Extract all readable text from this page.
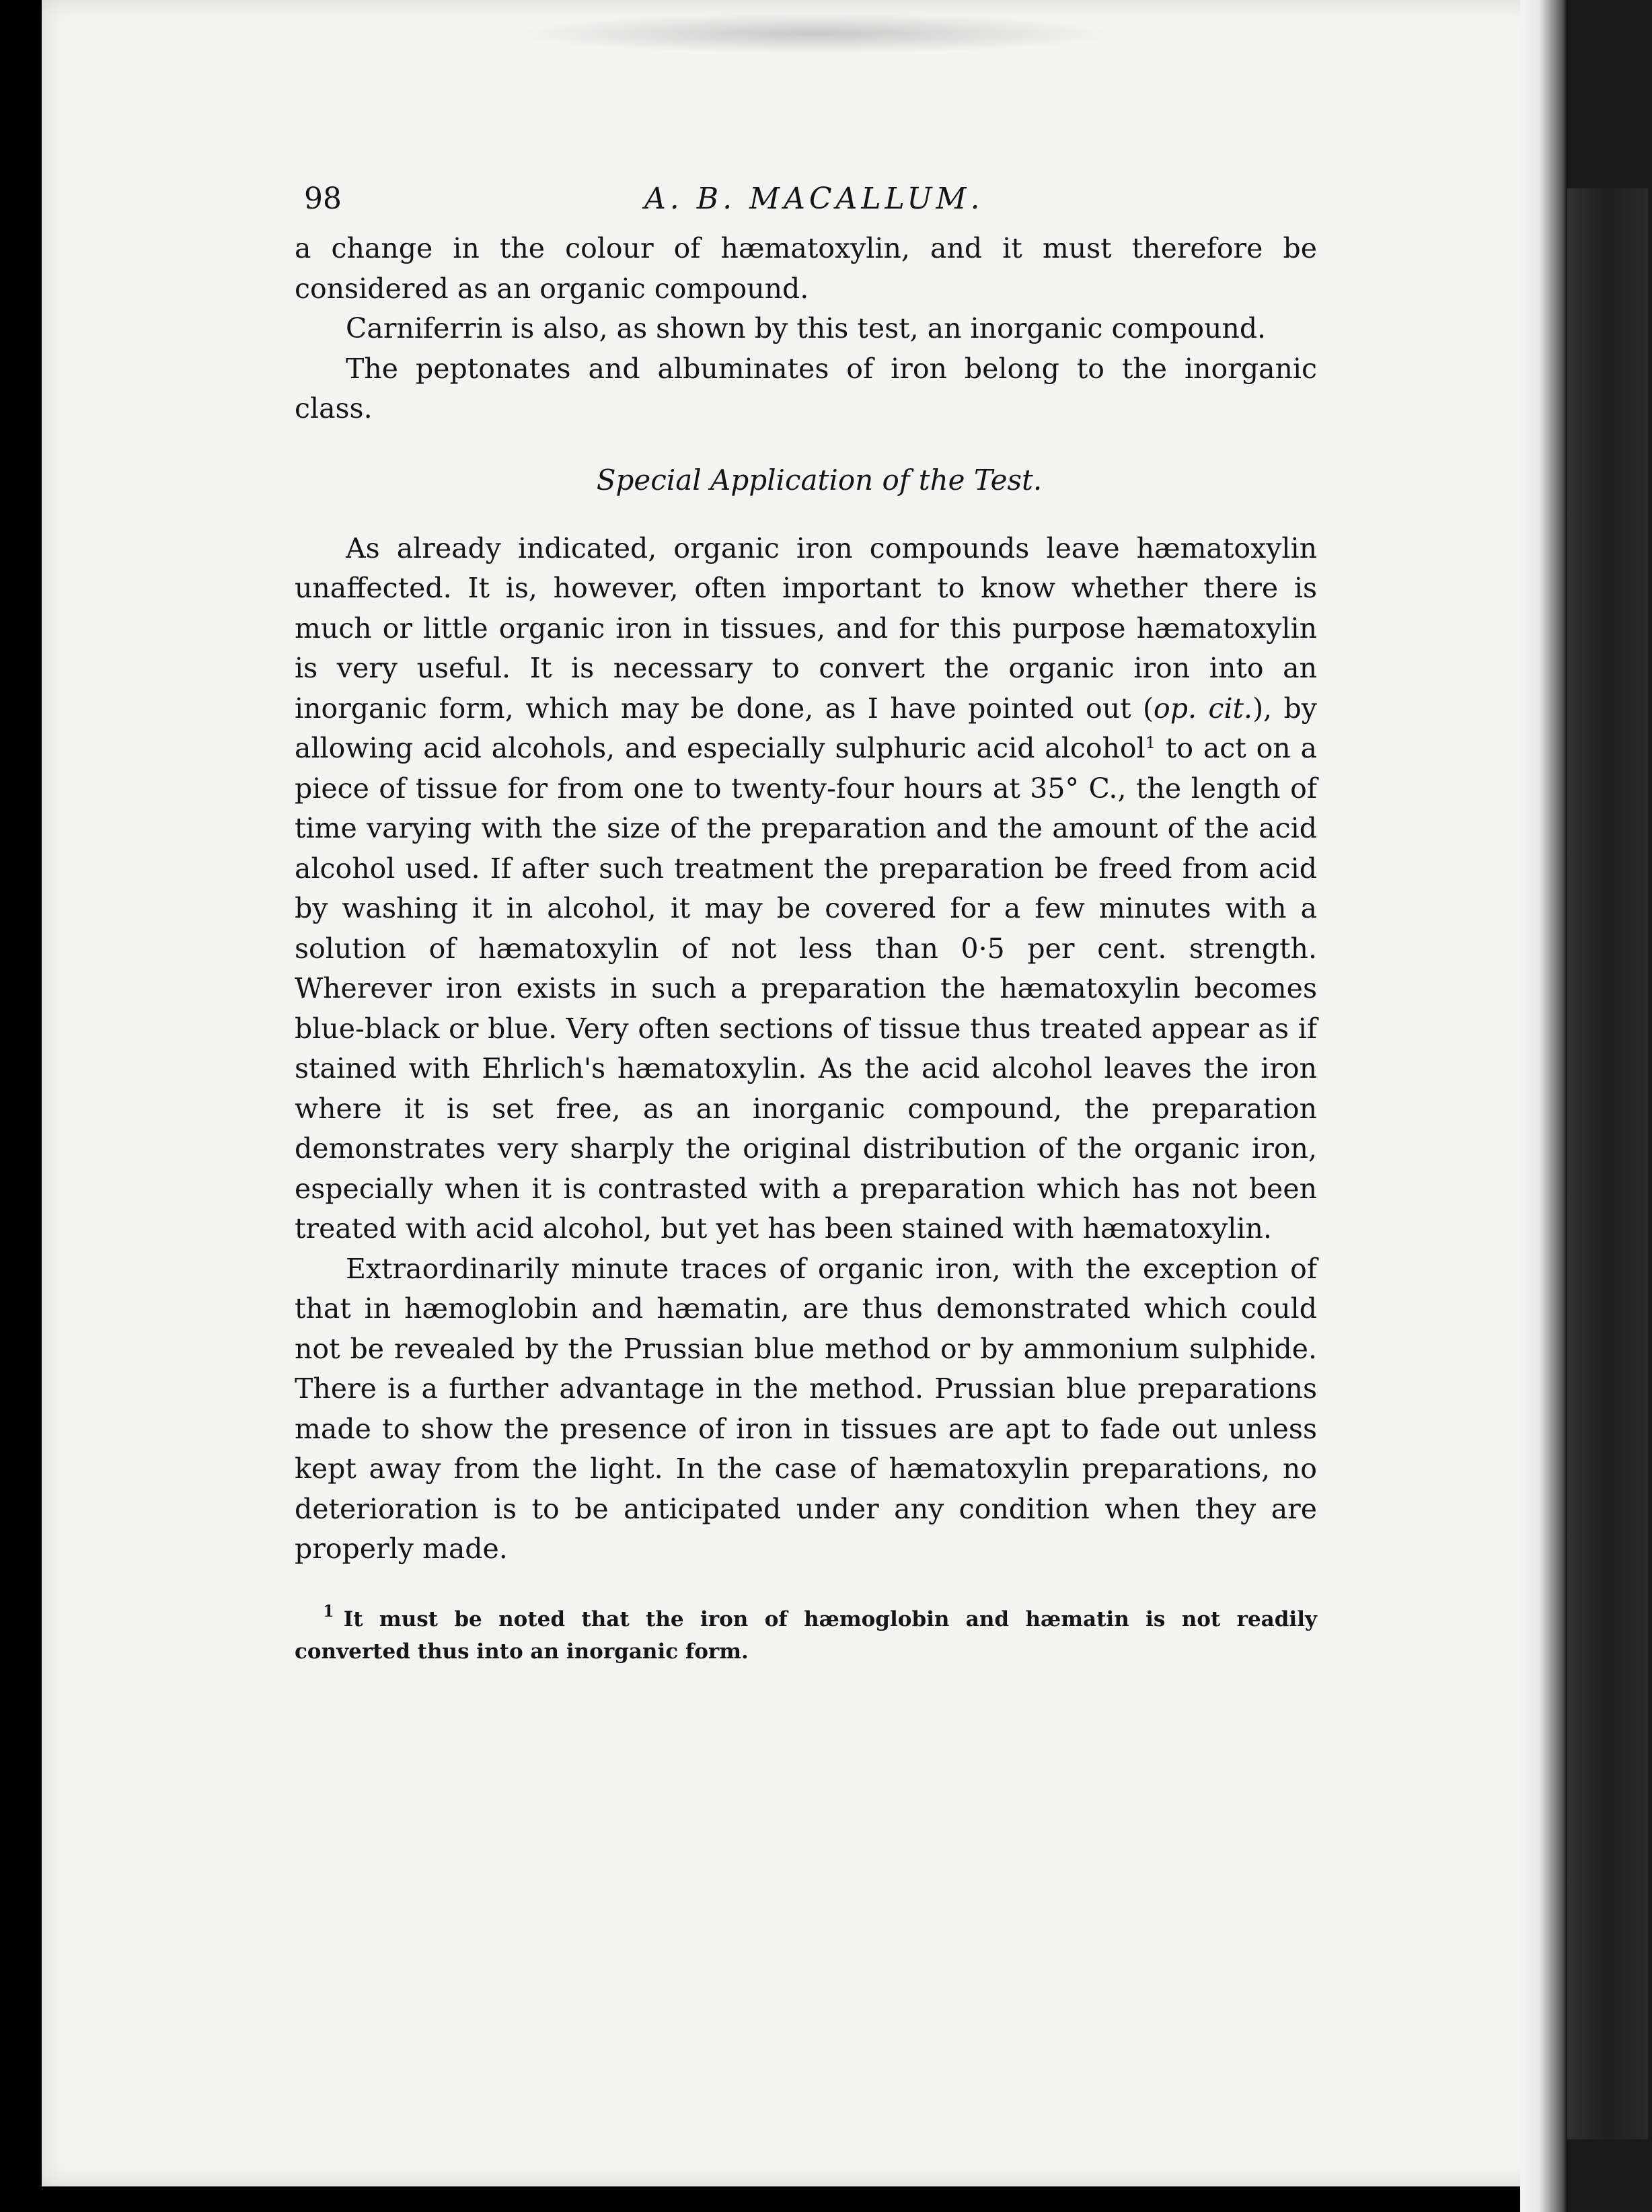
98	A. B. MACALLUM.

a change in the colour of hæmatoxylin, and it must therefore be considered as an organic compound.

Carniferrin is also, as shown by this test, an inorganic compound.

The peptonates and albuminates of iron belong to the inorganic class.

Special Application of the Test.

As already indicated, organic iron compounds leave hæmatoxylin unaffected. It is, however, often important to know whether there is much or little organic iron in tissues, and for this purpose hæmatoxylin is very useful. It is necessary to convert the organic iron into an inorganic form, which may be done, as I have pointed out (op. cit.), by allowing acid alcohols, and especially sulphuric acid alcohol$^1$ to act on a piece of tissue for from one to twenty-four hours at 35° C., the length of time varying with the size of the preparation and the amount of the acid alcohol used. If after such treatment the preparation be freed from acid by washing it in alcohol, it may be covered for a few minutes with a solution of hæmatoxylin of not less than 0·5 per cent. strength. Wherever iron exists in such a preparation the hæmatoxylin becomes blue-black or blue. Very often sections of tissue thus treated appear as if stained with Ehrlich's hæmatoxylin. As the acid alcohol leaves the iron where it is set free, as an inorganic compound, the preparation demonstrates very sharply the original distribution of the organic iron, especially when it is contrasted with a preparation which has not been treated with acid alcohol, but yet has been stained with hæmatoxylin.

Extraordinarily minute traces of organic iron, with the exception of that in hæmoglobin and hæmatin, are thus demonstrated which could not be revealed by the Prussian blue method or by ammonium sulphide. There is a further advantage in the method. Prussian blue preparations made to show the presence of iron in tissues are apt to fade out unless kept away from the light. In the case of hæmatoxylin preparations, no deterioration is to be anticipated under any condition when they are properly made.

$^1$ It must be noted that the iron of hæmoglobin and hæmatin is not readily converted thus into an inorganic form.
